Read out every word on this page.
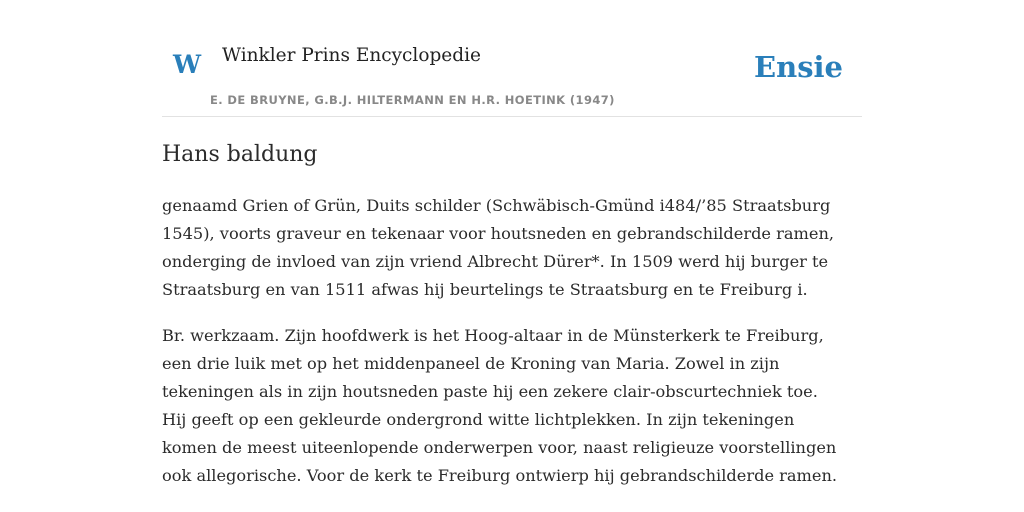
W Winkler Prins Encyclopedie
E. DE BRUYNE, G.B.J. HILTERMANN EN H.R. HOETINK (1947)
Ensie
Hans baldung

genaamd Grien of Grün, Duits schilder (Schwäbisch-Gmünd i484/’85 Straatsburg
1545), voorts graveur en tekenaar voor houtsneden en gebrandschilderde ramen,
onderging de invloed van zijn vriend Albrecht Dürer*. In 1509 werd hij burger te
Straatsburg en van 1511 afwas hij beurtelings te Straatsburg en te Freiburg i.

Br. werkzaam. Zijn hoofdwerk is het Hoog-altaar in de Münsterkerk te Freiburg,
een drie luik met op het middenpaneel de Kroning van Maria. Zowel in zijn
tekeningen als in zijn houtsneden paste hij een zekere clair-obscurtechniek toe.
Hij geeft op een gekleurde ondergrond witte lichtplekken. In zijn tekeningen
komen de meest uiteenlopende onderwerpen voor, naast religieuze voorstellingen
ook allegorische. Voor de kerk te Freiburg ontwierp hij gebrandschilderde ramen.
